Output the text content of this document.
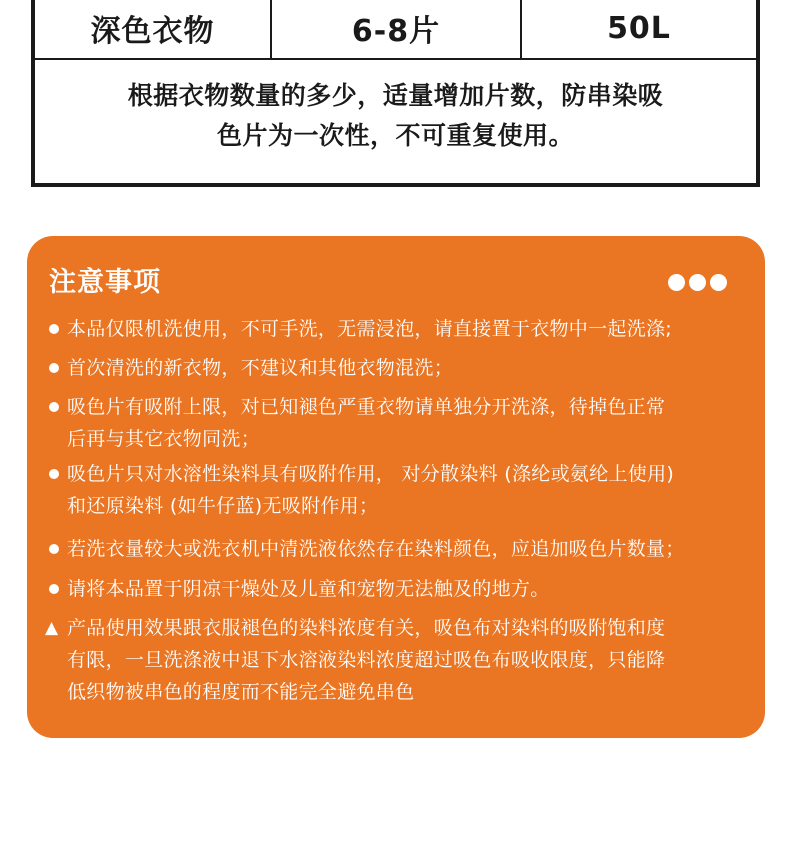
深色衣物	6-8片	50L
根据衣物数量的多少，适量增加片数，防串染吸
色片为一次性，不可重复使用。
注意事项
本品仅限机洗使用，不可手洗，无需浸泡，请直接置于衣物中一起洗涤;
首次清洗的新衣物，不建议和其他衣物混洗；
吸色片有吸附上限，对已知褪色严重衣物请单独分开洗涤，待掉色正常
后再与其它衣物同洗；
吸色片只对水溶性染料具有吸附作用， 对分散染料 (涤纶或氨纶上使用)
和还原染料 (如牛仔蓝)无吸附作用；
若洗衣量较大或洗衣机中清洗液依然存在染料颜色，应追加吸色片数量；
请将本品置于阴凉干燥处及儿童和宠物无法触及的地方。
▲ 产品使用效果跟衣服褪色的染料浓度有关，吸色布对染料的吸附饱和度
有限，一旦洗涤液中退下水溶液染料浓度超过吸色布吸收限度，只能降
低织物被串色的程度而不能完全避免串色
